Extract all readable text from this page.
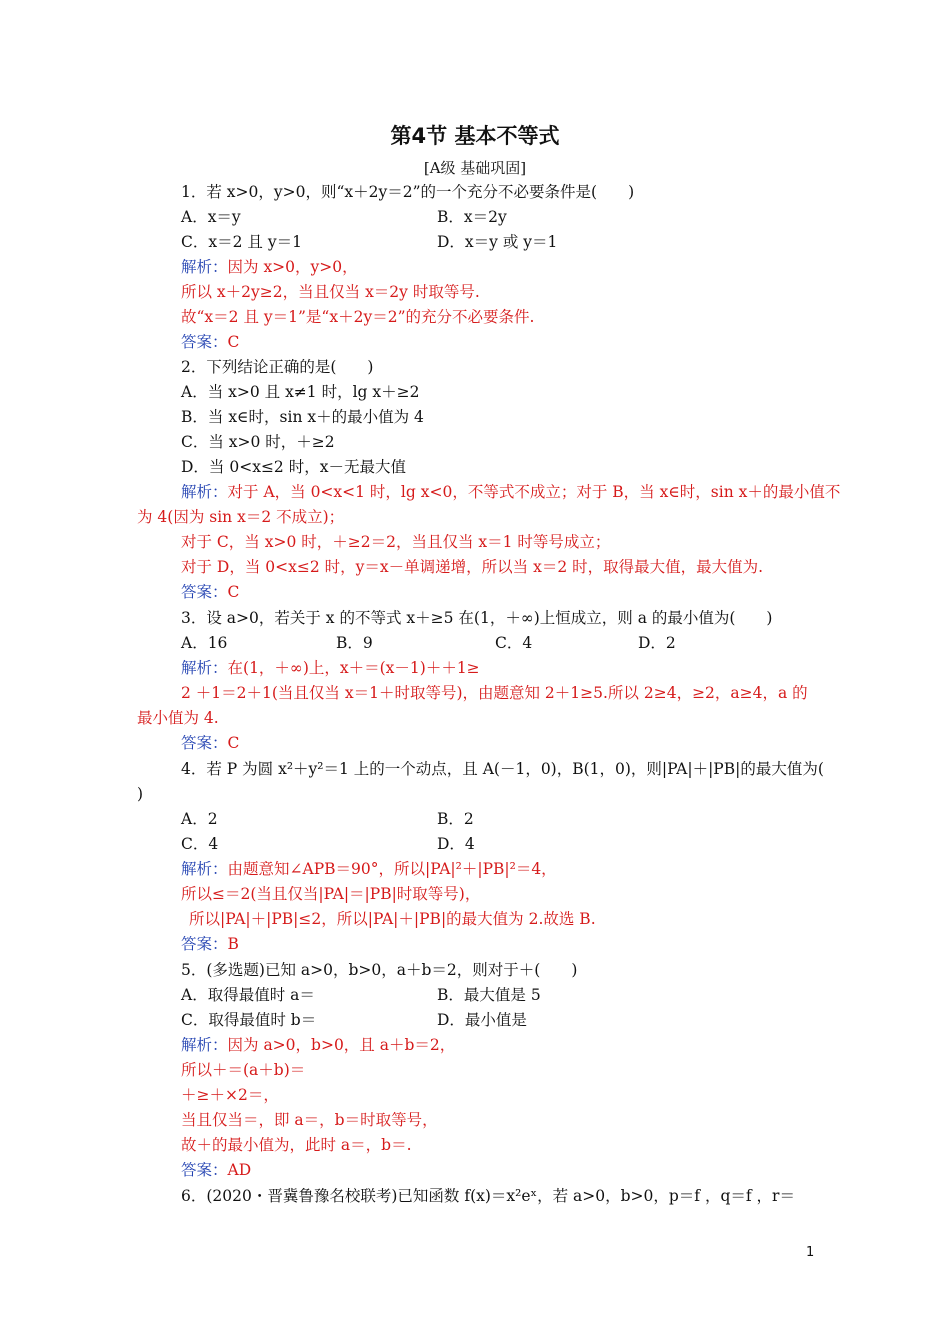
第4节 基本不等式
[A级 基础巩固]
1．若 x>0，y>0，则“x＋2y＝2”的一个充分不必要条件是(　　)
A．x＝y	B．x＝2y
C．x＝2 且 y＝1	D．x＝y 或 y＝1
解析：因为 x>0，y>0，
所以 x＋2y≥2，当且仅当 x＝2y 时取等号.
故“x＝2 且 y＝1”是“x＋2y＝2”的充分不必要条件.
答案：C
2．下列结论正确的是(　　)
A．当 x>0 且 x≠1 时，lg x＋≥2
B．当 x∈时，sin x＋的最小值为 4
C．当 x>0 时，＋≥2
D．当 0<x≤2 时，x－无最大值
解析：对于 A，当 0<x<1 时，lg x<0，不等式不成立；对于 B，当 x∈时，sin x＋的最小值不
为 4(因为 sin x＝2 不成立)；
对于 C，当 x>0 时，＋≥2＝2，当且仅当 x＝1 时等号成立；
对于 D，当 0<x≤2 时，y＝x－单调递增，所以当 x＝2 时，取得最大值，最大值为.
答案：C
3．设 a>0，若关于 x 的不等式 x＋≥5 在(1，＋∞)上恒成立，则 a 的最小值为(　　)
A．16	B．9	C．4	D．2
解析：在(1，＋∞)上，x＋＝(x－1)＋＋1≥
2 ＋1＝2＋1(当且仅当 x＝1＋时取等号)，由题意知 2＋1≥5.所以 2≥4，≥2，a≥4，a 的
最小值为 4.
答案：C
4．若 P 为圆 x²＋y²＝1 上的一个动点，且 A(－1，0)，B(1，0)，则|PA|＋|PB|的最大值为(
)
A．2	B．2
C．4	D．4
解析：由题意知∠APB＝90°，所以|PA|²＋|PB|²＝4，
所以≤＝2(当且仅当|PA|＝|PB|时取等号)，
所以|PA|＋|PB|≤2，所以|PA|＋|PB|的最大值为 2.故选 B.
答案：B
5．(多选题)已知 a>0，b>0，a＋b＝2，则对于＋(　　)
A．取得最值时 a＝	B．最大值是 5
C．取得最值时 b＝	D．最小值是
解析：因为 a>0，b>0，且 a＋b＝2，
所以＋＝(a＋b)＝
＋≥＋×2＝，
当且仅当＝，即 a＝，b＝时取等号，
故＋的最小值为，此时 a＝，b＝.
答案：AD
6．(2020・晋冀鲁豫名校联考)已知函数 f(x)＝x²eˣ，若 a>0，b>0，p＝f ，q＝f ，r＝
1
